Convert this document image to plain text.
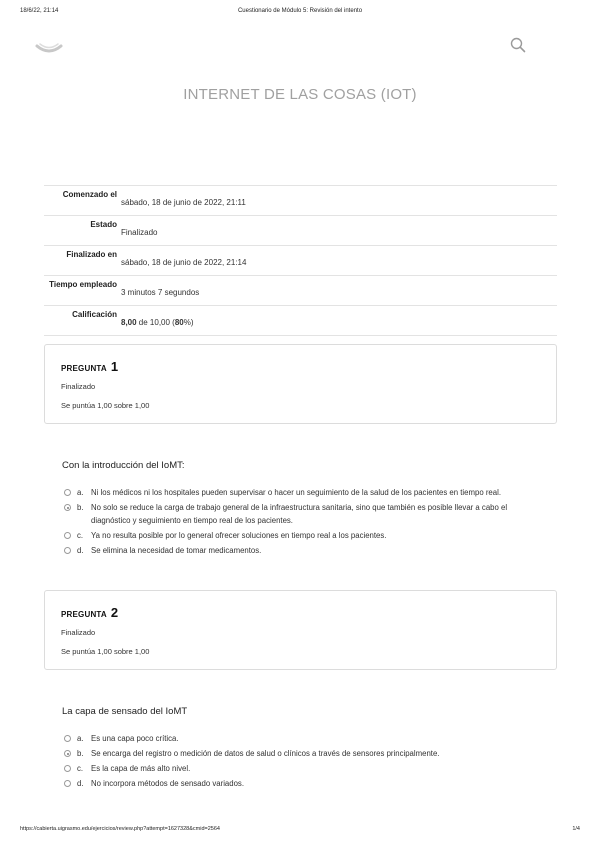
18/6/22, 21:14	Cuestionario de Módulo 5: Revisión del intento
INTERNET DE LAS COSAS (IOT)
Comenzado el	sábado, 18 de junio de 2022, 21:11
Estado	Finalizado
Finalizado en	sábado, 18 de junio de 2022, 21:14
Tiempo empleado	3 minutos 7 segundos
Calificación	8,00 de 10,00 (80%)
PREGUNTA 1
Finalizado
Se puntúa 1,00 sobre 1,00
Con la introducción del IoMT:
a. Ni los médicos ni los hospitales pueden supervisar o hacer un seguimiento de la salud de los pacientes en tiempo real.
b. No solo se reduce la carga de trabajo general de la infraestructura sanitaria, sino que también es posible llevar a cabo el diagnóstico y seguimiento en tiempo real de los pacientes.
c. Ya no resulta posible por lo general ofrecer soluciones en tiempo real a los pacientes.
d. Se elimina la necesidad de tomar medicamentos.
PREGUNTA 2
Finalizado
Se puntúa 1,00 sobre 1,00
La capa de sensado del IoMT
a. Es una capa poco crítica.
b. Se encarga del registro o medición de datos de salud o clínicos a través de sensores principalmente.
c. Es la capa de más alto nivel.
d. No incorpora métodos de sensado variados.
https://cabierta.uigrasmo.edu/ejercicios/review.php?attempt=1627328&cmid=2564	1/4
